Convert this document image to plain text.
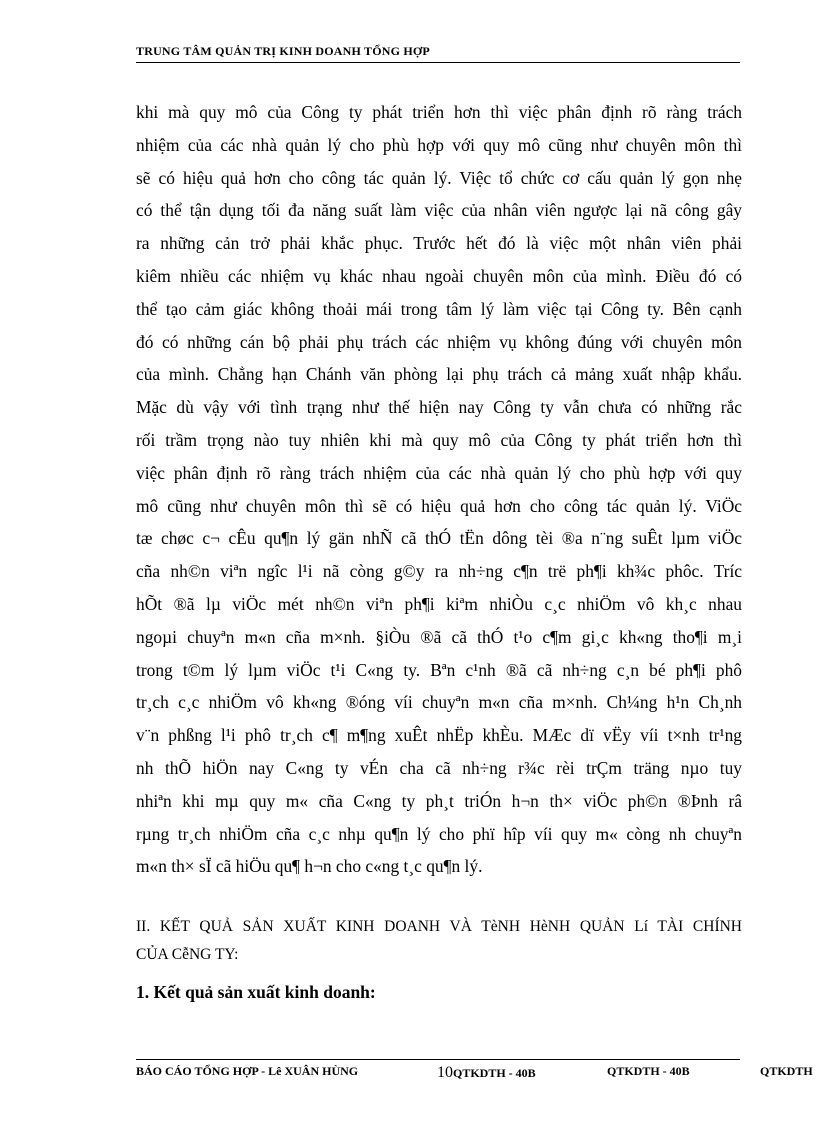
TRUNG TÂM QUẢN TRỊ KINH DOANH TỔNG HỢP
khi mà quy mô của Công ty phát triển hơn thì việc phân định rõ ràng trách
nhiệm của các nhà quản lý cho phù hợp với quy mô cũng như chuyên môn thì
sẽ có hiệu quả hơn cho công tác quản lý. Việc tổ chức cơ cấu quản lý gọn nhẹ
có thể tận dụng tối đa năng suất làm việc của nhân viên ngược lại nã công gây
ra những cản trở phải khắc phục. Trước hết đó là việc một nhân viên phải
kiêm nhiều các nhiệm vụ khác nhau ngoài chuyên môn của mình. Điều đó có
thể tạo cảm giác không thoải mái trong tâm lý làm việc tại Công ty. Bên cạnh
đó có những cán bộ phải phụ trách các nhiệm vụ không đúng với chuyên môn
của mình. Chẳng hạn Chánh văn phòng lại phụ trách cả mảng xuất nhập khẩu.
Mặc dù vậy với tình trạng như thế hiện nay Công ty vẫn chưa có những rắc
rối trầm trọng nào tuy nhiên khi mà quy mô của Công ty phát triển hơn thì
việc phân định rõ ràng trách nhiệm của các nhà quản lý cho phù hợp với quy
mô cũng như chuyên môn thì sẽ có hiệu quả hơn cho công tác quản lý. ViÖc
tæ chøc c¬ cÊu qu¶n lý gän nhÑ cã thÓ tËn dông tèi ®a n¨ng suÊt lµm viÖc
cña nh©n viªn ngîc l¹i nã còng g©y ra nh÷ng c¶n trë ph¶i kh¾c phôc. Tríc
hÕt ®ã lµ viÖc mét nh©n viªn ph¶i kiªm nhiÒu c¸c nhiÖm vô kh¸c nhau
ngoµi chuyªn m«n cña m×nh. §iÒu ®ã cã thÓ t¹o c¶m gi¸c kh«ng tho¶i m¸i
trong t©m lý lµm viÖc t¹i C«ng ty. Bªn c¹nh ®ã cã nh÷ng c¸n bé ph¶i phô
tr¸ch c¸c nhiÖm vô kh«ng ®óng víi chuyªn m«n cña m×nh. Ch¼ng h¹n Ch¸nh
v¨n phßng l¹i phô tr¸ch c¶ m¶ng xuÊt nhËp khÈu. MÆc dï vËy víi t×nh tr¹ng
nh thÕ hiÖn nay C«ng ty vÉn cha cã nh÷ng r¾c rèi trÇm träng nµo tuy
nhiªn khi mµ quy m« cña C«ng ty ph¸t triÓn h¬n th× viÖc ph©n ®Þnh râ
rµng tr¸ch nhiÖm cña c¸c nhµ qu¶n lý cho phï hîp víi quy m« còng nh chuyªn
m«n th× sÏ cã hiÖu qu¶ h¬n cho c«ng t¸c qu¶n lý.
II. KẾT QUẢ SẢN XUẤT KINH DOANH VÀ TèNH HèNH QUẢN Lí TÀI CHÍNH
CỦA CễNG TY:
1. Kết quả sản xuất kinh doanh:
BÁO CÁO TỔNG HỢP - Lê XUÂN HÙNG	10QTKDTH - 40B	QTKDTH - 40B	QTKDTH
